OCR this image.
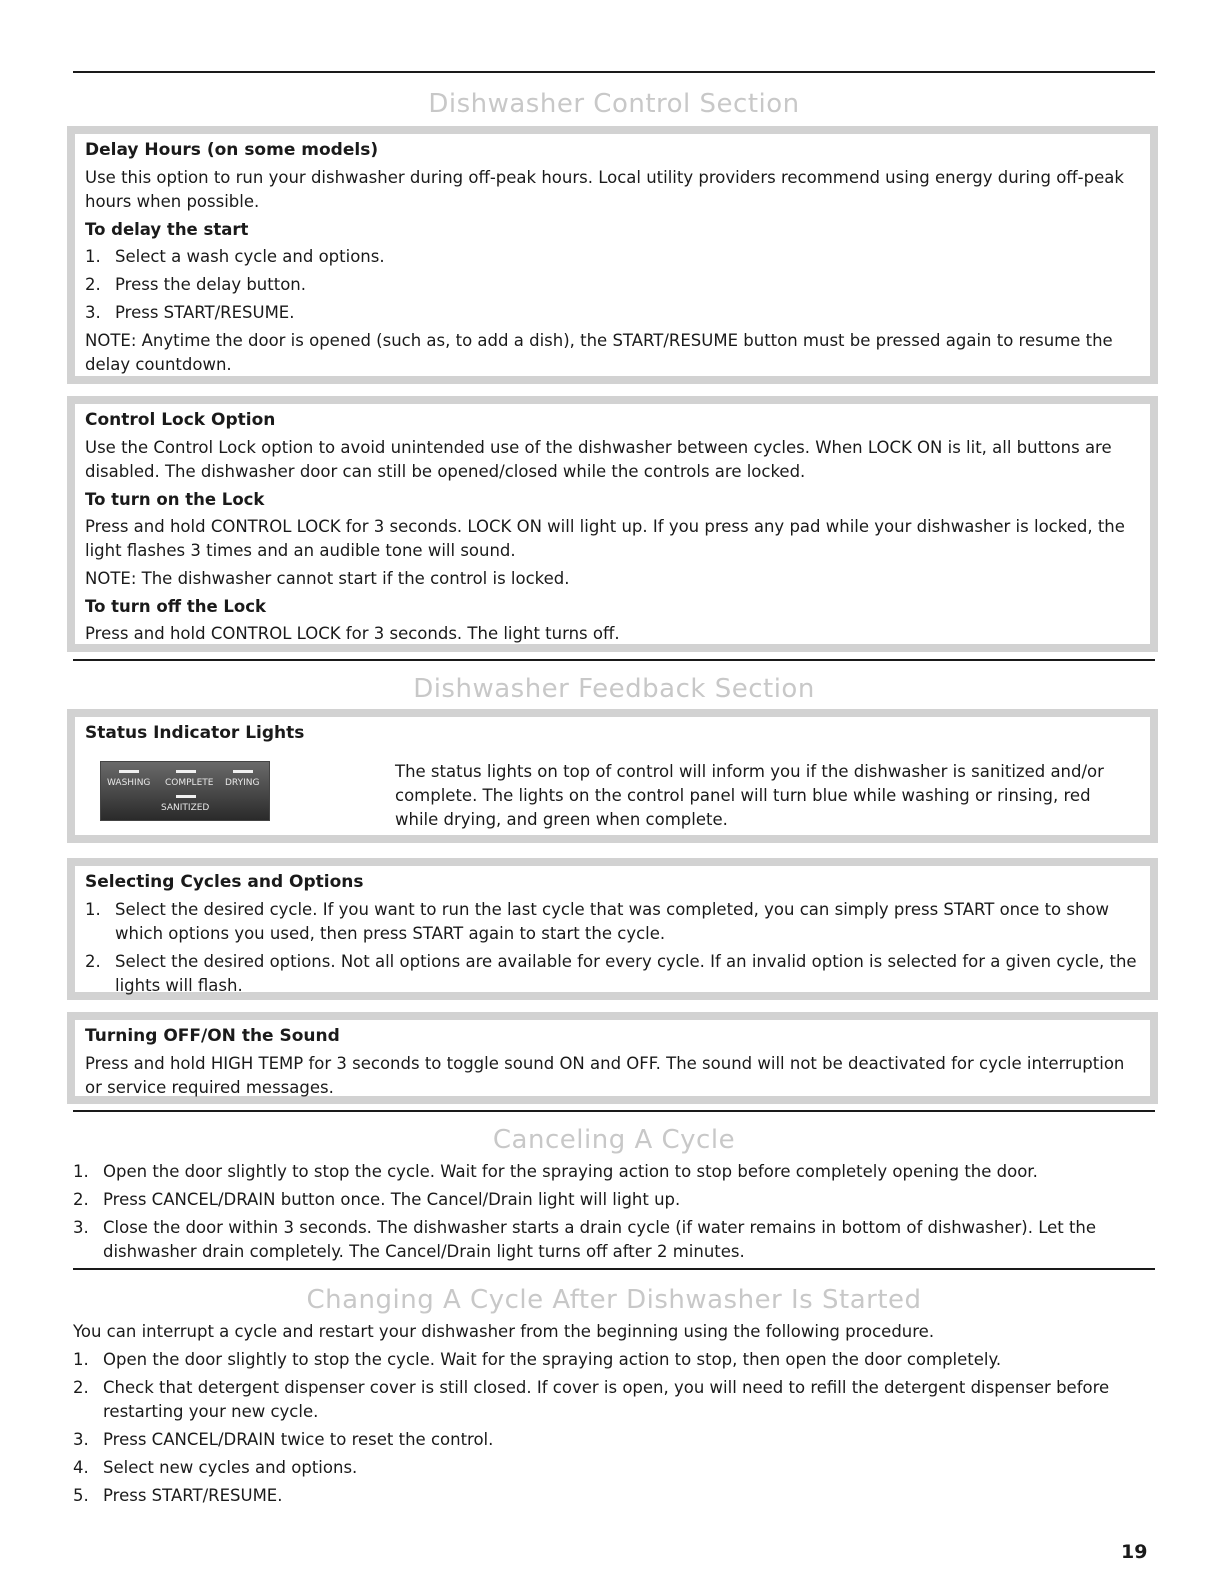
Dishwasher Control Section
Delay Hours (on some models)

Use this option to run your dishwasher during off-peak hours. Local utility providers recommend using energy during off-peak hours when possible.

To delay the start
1. Select a wash cycle and options.
2. Press the delay button.
3. Press START/RESUME.

NOTE: Anytime the door is opened (such as, to add a dish), the START/RESUME button must be pressed again to resume the delay countdown.

Control Lock Option

Use the Control Lock option to avoid unintended use of the dishwasher between cycles. When LOCK ON is lit, all buttons are disabled. The dishwasher door can still be opened/closed while the controls are locked.

To turn on the Lock

Press and hold CONTROL LOCK for 3 seconds. LOCK ON will light up. If you press any pad while your dishwasher is locked, the light flashes 3 times and an audible tone will sound.

NOTE: The dishwasher cannot start if the control is locked.

To turn off the Lock

Press and hold CONTROL LOCK for 3 seconds. The light turns off.

Dishwasher Feedback Section
Status Indicator Lights
WASHING COMPLETE DRYING
SANITIZED
The status lights on top of control will inform you if the dishwasher is sanitized and/or complete. The lights on the control panel will turn blue while washing or rinsing, red while drying, and green when complete.
Selecting Cycles and Options
1. Select the desired cycle. If you want to run the last cycle that was completed, you can simply press START once to show which options you used, then press START again to start the cycle.
2. Select the desired options. Not all options are available for every cycle. If an invalid option is selected for a given cycle, the lights will flash.
Turning OFF/ON the Sound

Press and hold HIGH TEMP for 3 seconds to toggle sound ON and OFF. The sound will not be deactivated for cycle interruption or service required messages.

Canceling A Cycle
1. Open the door slightly to stop the cycle. Wait for the spraying action to stop before completely opening the door.
2. Press CANCEL/DRAIN button once. The Cancel/Drain light will light up.
3. Close the door within 3 seconds. The dishwasher starts a drain cycle (if water remains in bottom of dishwasher). Let the dishwasher drain completely. The Cancel/Drain light turns off after 2 minutes.
Changing A Cycle After Dishwasher Is Started

You can interrupt a cycle and restart your dishwasher from the beginning using the following procedure.

1. Open the door slightly to stop the cycle. Wait for the spraying action to stop, then open the door completely.
2. Check that detergent dispenser cover is still closed. If cover is open, you will need to refill the detergent dispenser before restarting your new cycle.
3. Press CANCEL/DRAIN twice to reset the control.
4. Select new cycles and options.
5. Press START/RESUME.
19
